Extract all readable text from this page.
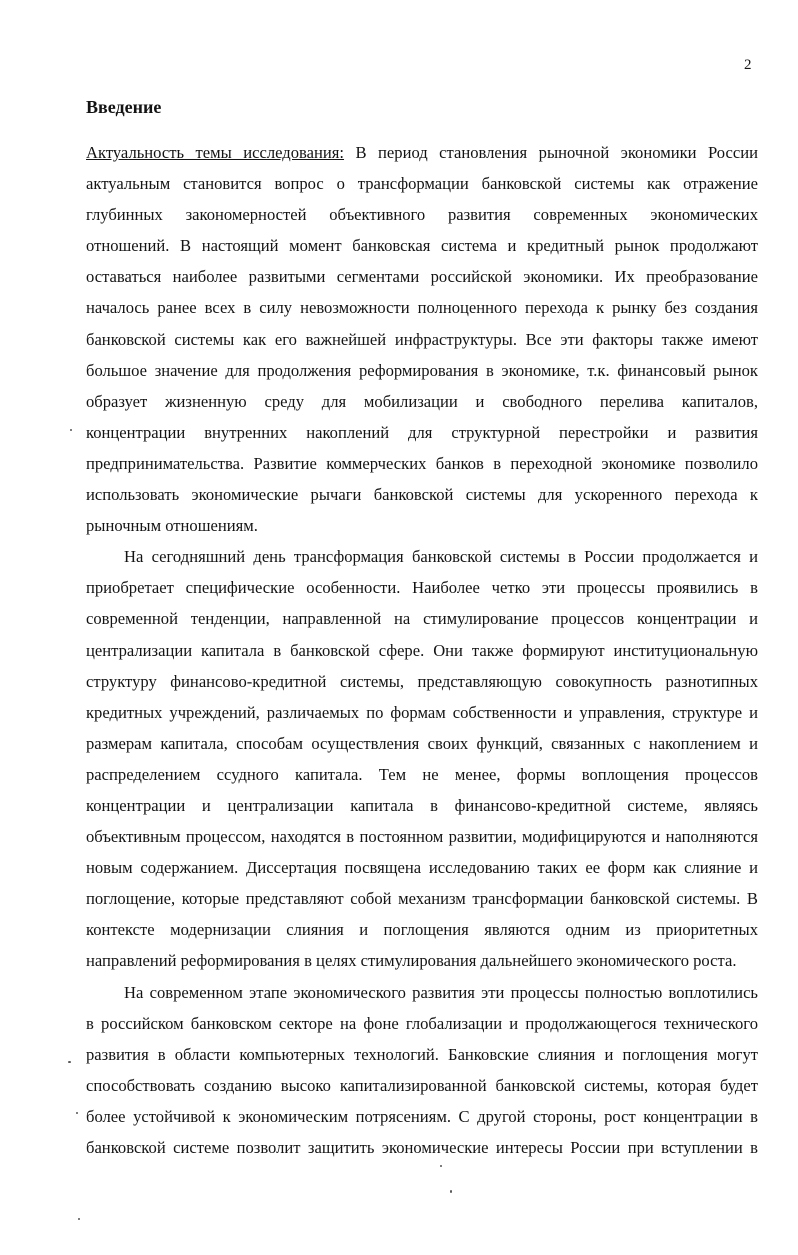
2
Введение
Актуальность темы исследования: В период становления рыночной экономики России
актуальным становится вопрос о трансформации банковской системы как отражение
глубинных закономерностей объективного развития современных экономических
отношений. В настоящий момент банковская система и кредитный рынок продолжают
оставаться наиболее развитыми сегментами российской экономики. Их преобразование
началось ранее всех в силу невозможности полноценного перехода к рынку без создания
банковской системы как его важнейшей инфраструктуры. Все эти факторы также имеют
большое значение для продолжения реформирования в экономике, т.к. финансовый рынок
образует жизненную среду для мобилизации и свободного перелива капиталов,
концентрации внутренних накоплений для структурной перестройки и развития
предпринимательства. Развитие коммерческих банков в переходной экономике позволило
использовать экономические рычаги банковской системы для ускоренного перехода к
рыночным отношениям.
На сегодняшний день трансформация банковской системы в России продолжается и
приобретает специфические особенности. Наиболее четко эти процессы проявились в
современной тенденции, направленной на стимулирование процессов концентрации и
централизации капитала в банковской сфере. Они также формируют институциональную
структуру финансово-кредитной системы, представляющую совокупность разнотипных
кредитных учреждений, различаемых по формам собственности и управления, структуре и
размерам капитала, способам осуществления своих функций, связанных с накоплением и
распределением ссудного капитала. Тем не менее, формы воплощения процессов
концентрации и централизации капитала в финансово-кредитной системе, являясь
объективным процессом, находятся в постоянном развитии, модифицируются и наполняются
новым содержанием. Диссертация посвящена исследованию таких ее форм как слияние и
поглощение, которые представляют собой механизм трансформации банковской системы. В
контексте модернизации слияния и поглощения являются одним из приоритетных
направлений реформирования в целях стимулирования дальнейшего экономического роста.
На современном этапе экономического развития эти процессы полностью воплотились
в российском банковском секторе на фоне глобализации и продолжающегося технического
развития в области компьютерных технологий. Банковские слияния и поглощения могут
способствовать созданию высоко капитализированной банковской системы, которая будет
более устойчивой к экономическим потрясениям. С другой стороны, рост концентрации в
банковской системе позволит защитить экономические интересы России при вступлении в
